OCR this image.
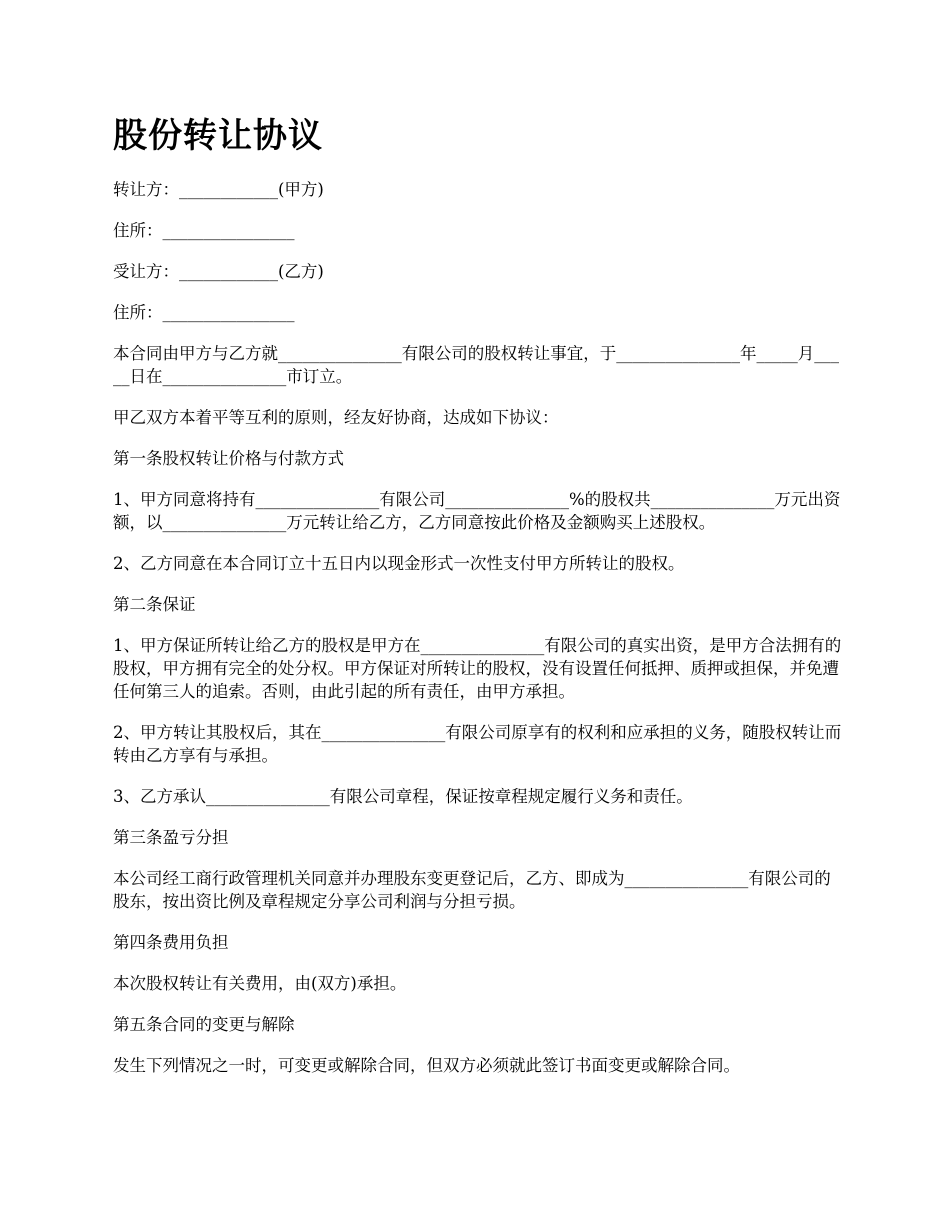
股份转让协议

转让方：____________(甲方)

住所：________________

受让方：____________(乙方)

住所：________________

本合同由甲方与乙方就_______________有限公司的股权转让事宜，于_______________年_____月_____日在_______________市订立。

甲乙双方本着平等互利的原则，经友好协商，达成如下协议：

第一条股权转让价格与付款方式

1、甲方同意将持有_______________有限公司_______________%的股权共_______________万元出资额，以_______________万元转让给乙方，乙方同意按此价格及金额购买上述股权。

2、乙方同意在本合同订立十五日内以现金形式一次性支付甲方所转让的股权。

第二条保证

1、甲方保证所转让给乙方的股权是甲方在_______________有限公司的真实出资，是甲方合法拥有的股权，甲方拥有完全的处分权。甲方保证对所转让的股权，没有设置任何抵押、质押或担保，并免遭任何第三人的追索。否则，由此引起的所有责任，由甲方承担。

2、甲方转让其股权后，其在_______________有限公司原享有的权利和应承担的义务，随股权转让而转由乙方享有与承担。

3、乙方承认_______________有限公司章程，保证按章程规定履行义务和责任。

第三条盈亏分担

本公司经工商行政管理机关同意并办理股东变更登记后，乙方、即成为_______________有限公司的股东，按出资比例及章程规定分享公司利润与分担亏损。

第四条费用负担

本次股权转让有关费用，由(双方)承担。

第五条合同的变更与解除

发生下列情况之一时，可变更或解除合同，但双方必须就此签订书面变更或解除合同。
